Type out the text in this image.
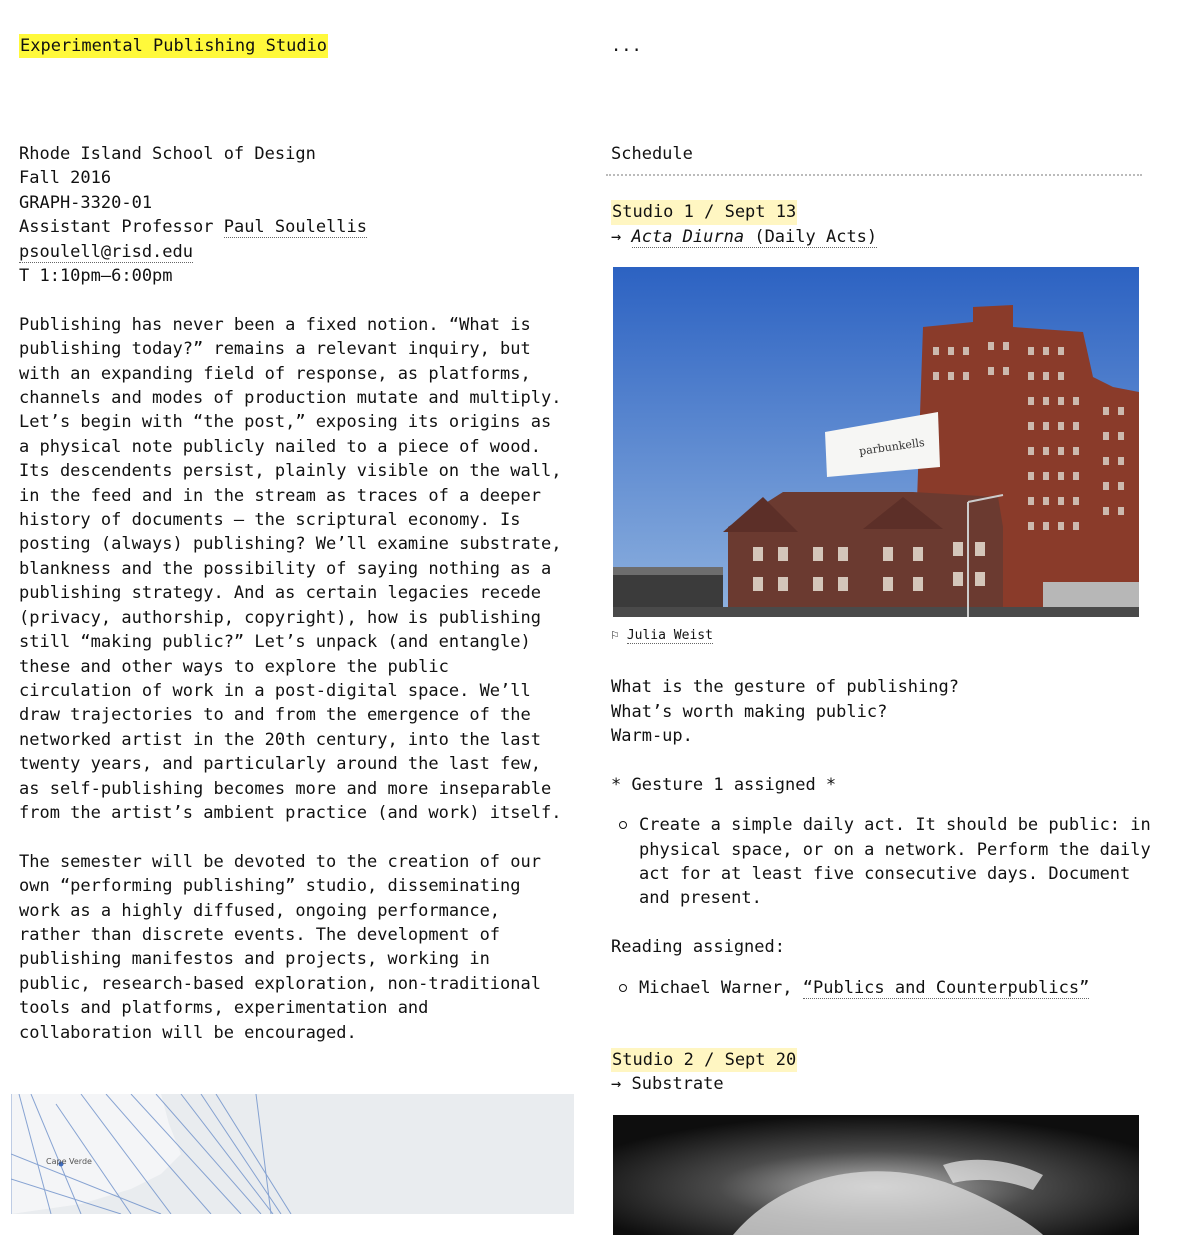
Experimental Publishing Studio	...
Rhode Island School of Design
Fall 2016
GRAPH-3320-01
Assistant Professor Paul Soulellis
psoulell@risd.edu
T 1:10pm–6:00pm

Publishing has never been a fixed notion. “What is
publishing today?” remains a relevant inquiry, but
with an expanding field of response, as platforms,
channels and modes of production mutate and multiply.
Let’s begin with “the post,” exposing its origins as
a physical note publicly nailed to a piece of wood.
Its descendents persist, plainly visible on the wall,
in the feed and in the stream as traces of a deeper
history of documents — the scriptural economy. Is
posting (always) publishing? We’ll examine substrate,
blankness and the possibility of saying nothing as a
publishing strategy. And as certain legacies recede
(privacy, authorship, copyright), how is publishing
still “making public?” Let’s unpack (and entangle)
these and other ways to explore the public
circulation of work in a post-digital space. We’ll
draw trajectories to and from the emergence of the
networked artist in the 20th century, into the last
twenty years, and particularly around the last few,
as self-publishing becomes more and more inseparable
from the artist’s ambient practice (and work) itself.

The semester will be devoted to the creation of our
own “performing publishing” studio, disseminating
work as a highly diffused, ongoing performance,
rather than discrete events. The development of
publishing manifestos and projects, working in
public, research-based exploration, non-traditional
tools and platforms, experimentation and
collaboration will be encouraged.

Cape Verde
Schedule
Studio 1 / Sept 13
→ Acta Diurna (Daily Acts)
parbunkells
⚐ Julia Weist
What is the gesture of publishing?
What’s worth making public?
Warm-up.
* Gesture 1 assigned *
Create a simple daily act. It should be public: in
physical space, or on a network. Perform the daily
act for at least five consecutive days. Document
and present.
Reading assigned:
Michael Warner, “Publics and Counterpublics”
Studio 2 / Sept 20
→ Substrate
